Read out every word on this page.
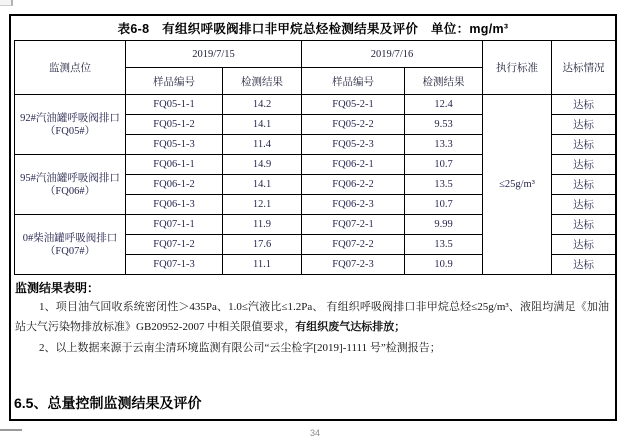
表6-8　有组织呼吸阀排口非甲烷总烃检测结果及评价　单位：mg/m³
监测点位	2019/7/15		2019/7/16		执行标准	达标情况
	样品编号	检测结果	样品编号	检测结果		
92#汽油罐呼吸阀排口
（FQ05#）	FQ05-1-1	14.2	FQ05-2-1	12.4	≤25g/m³	达标
	FQ05-1-2	14.1	FQ05-2-2	9.53		达标
	FQ05-1-3	11.4	FQ05-2-3	13.3		达标
95#汽油罐呼吸阀排口
（FQ06#）	FQ06-1-1	14.9	FQ06-2-1	10.7		达标
	FQ06-1-2	14.1	FQ06-2-2	13.5		达标
	FQ06-1-3	12.1	FQ06-2-3	10.7		达标
0#柴油罐呼吸阀排口
（FQ07#）	FQ07-1-1	11.9	FQ07-2-1	9.99		达标
	FQ07-1-2	17.6	FQ07-2-2	13.5		达标
	FQ07-1-3	11.1	FQ07-2-3	10.9		达标
监测结果表明：

1、项目油气回收系统密闭性＞435Pa、1.0≤汽液比≤1.2Pa、 有组织呼吸阀排口非甲烷总烃≤25g/m³、液阻均满足《加油站大气污染物排放标准》GB20952-2007 中相关限值要求，有组织废气达标排放；

2、以上数据来源于云南尘清环境监测有限公司“云尘检字[2019]-1111 号”检测报告；

6.5、总量控制监测结果及评价
34
